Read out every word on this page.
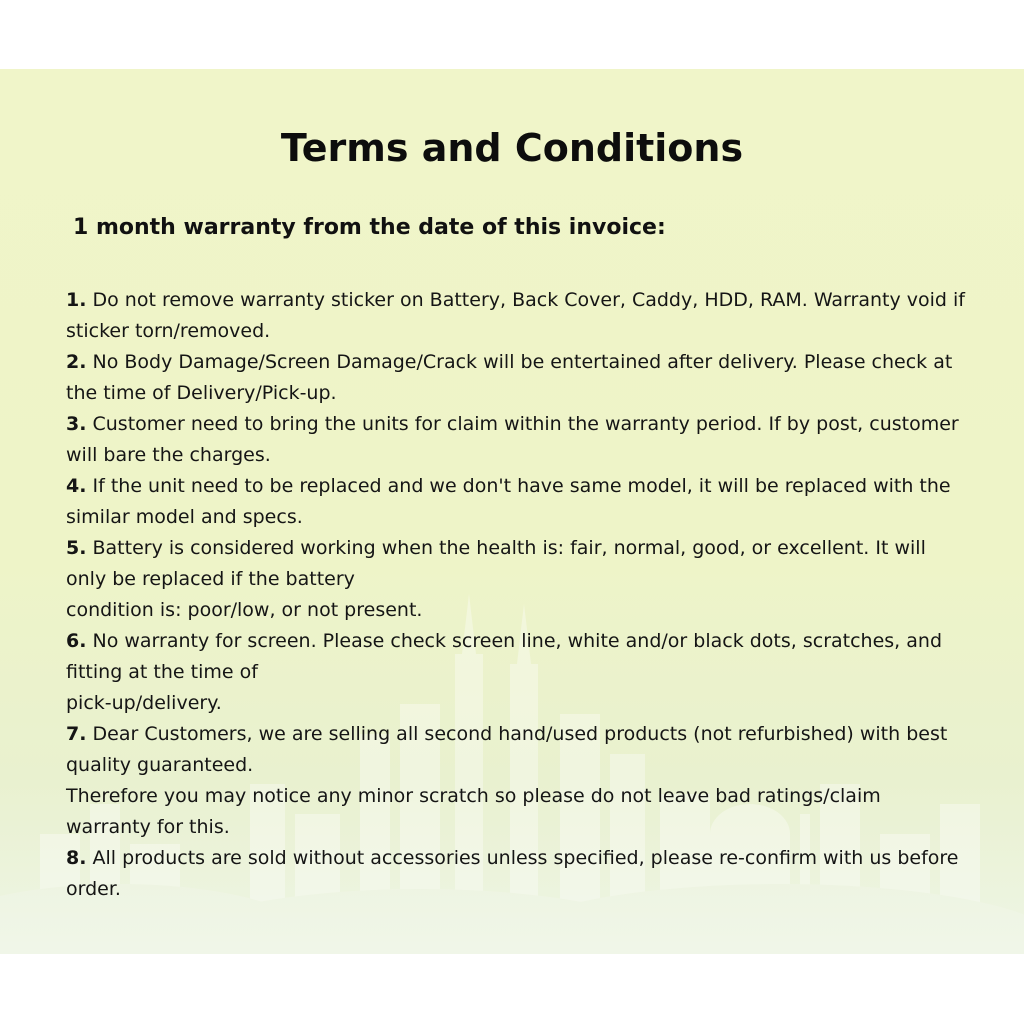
Terms and Conditions
1 month warranty from the date of this invoice:

1. Do not remove warranty sticker on Battery, Back Cover, Caddy, HDD, RAM. Warranty void if sticker torn/removed.

2. No Body Damage/Screen Damage/Crack will be entertained after delivery. Please check at the time of Delivery/Pick-up.

3. Customer need to bring the units for claim within the warranty period. If by post, customer will bare the charges.

4. If the unit need to be replaced and we don't have same model, it will be replaced with the similar model and specs.

5. Battery is considered working when the health is: fair, normal, good, or excellent. It will only be replaced if the battery

condition is: poor/low, or not present.

6. No warranty for screen. Please check screen line, white and/or black dots, scratches, and fitting at the time of

pick-up/delivery.

7. Dear Customers, we are selling all second hand/used products (not refurbished) with best quality guaranteed.

Therefore you may notice any minor scratch so please do not leave bad ratings/claim warranty for this.

8. All products are sold without accessories unless specified, please re-confirm with us before order.
